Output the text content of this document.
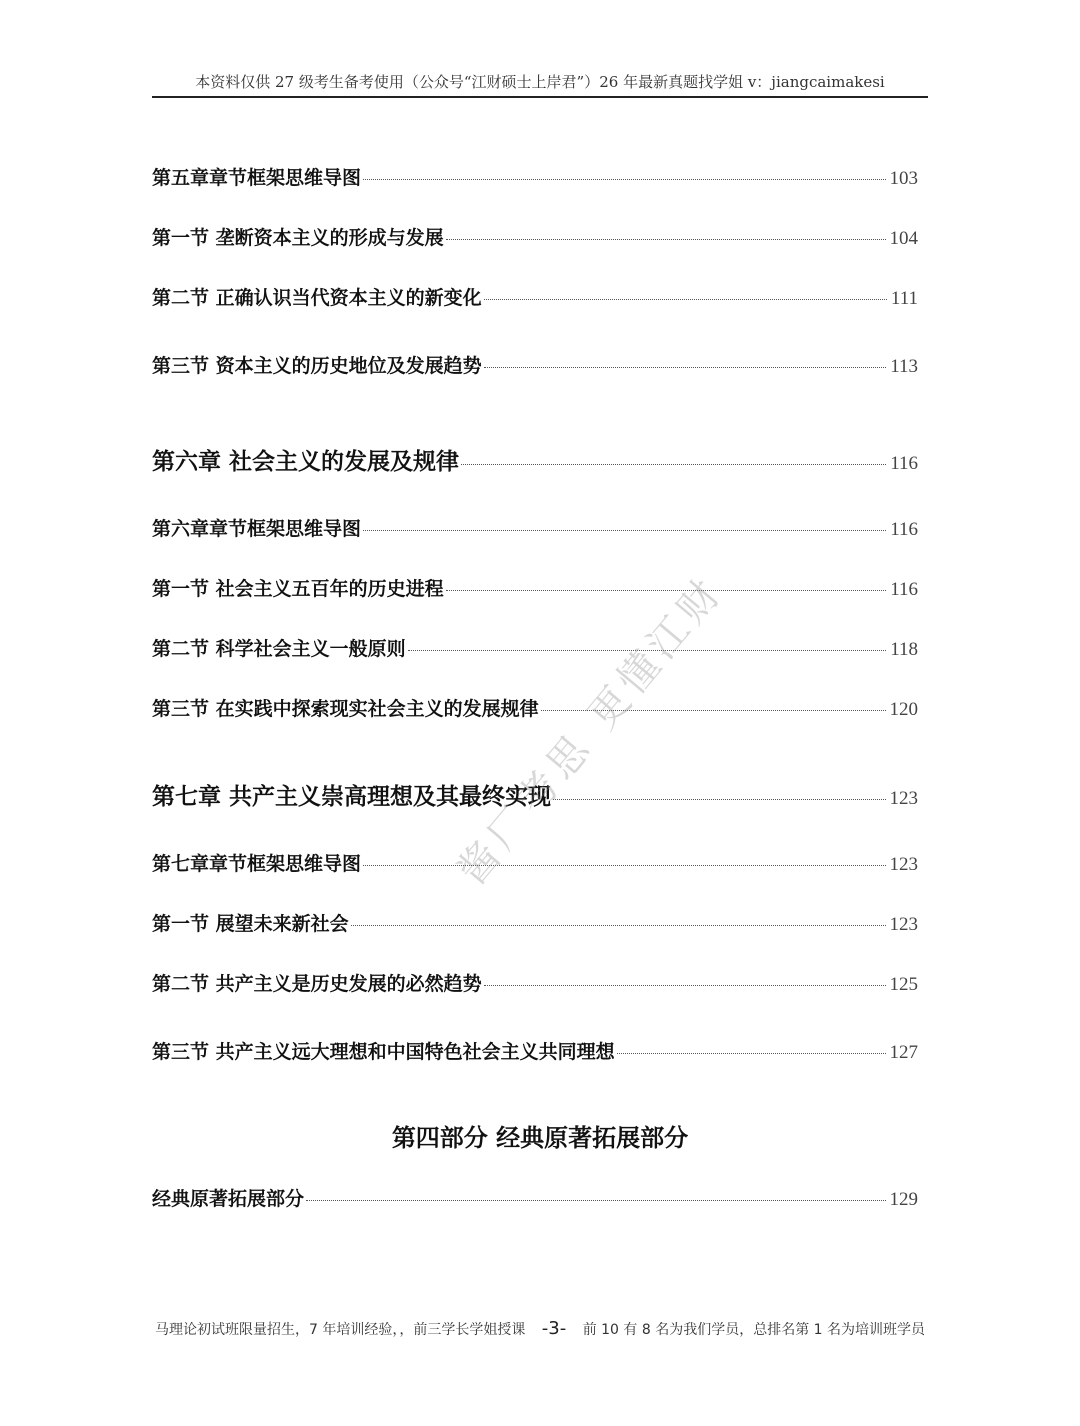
本资料仅供 27 级考生备考使用（公众号“江财硕士上岸君”）26 年最新真题找学姐 v：jiangcaimakesi
第五章章节框架思维导图	103
第一节 垄断资本主义的形成与发展	104
第二节 正确认识当代资本主义的新变化	111
第三节 资本主义的历史地位及发展趋势	113
第六章 社会主义的发展及规律	116
第六章章节框架思维导图	116
第一节 社会主义五百年的历史进程	116
第二节 科学社会主义一般原则	118
第三节 在实践中探索现实社会主义的发展规律	120
第七章 共产主义崇高理想及其最终实现	123
第七章章节框架思维导图	123
第一节 展望未来新社会	123
第二节 共产主义是历史发展的必然趋势	125
第三节 共产主义远大理想和中国特色社会主义共同理想	127
第四部分 经典原著拓展部分
经典原著拓展部分	129
酱厂考思 更懂江财
马理论初试班限量招生，7 年培训经验，，前三学长学姐授课 -3- 前 10 有 8 名为我们学员，总排名第 1 名为培训班学员
